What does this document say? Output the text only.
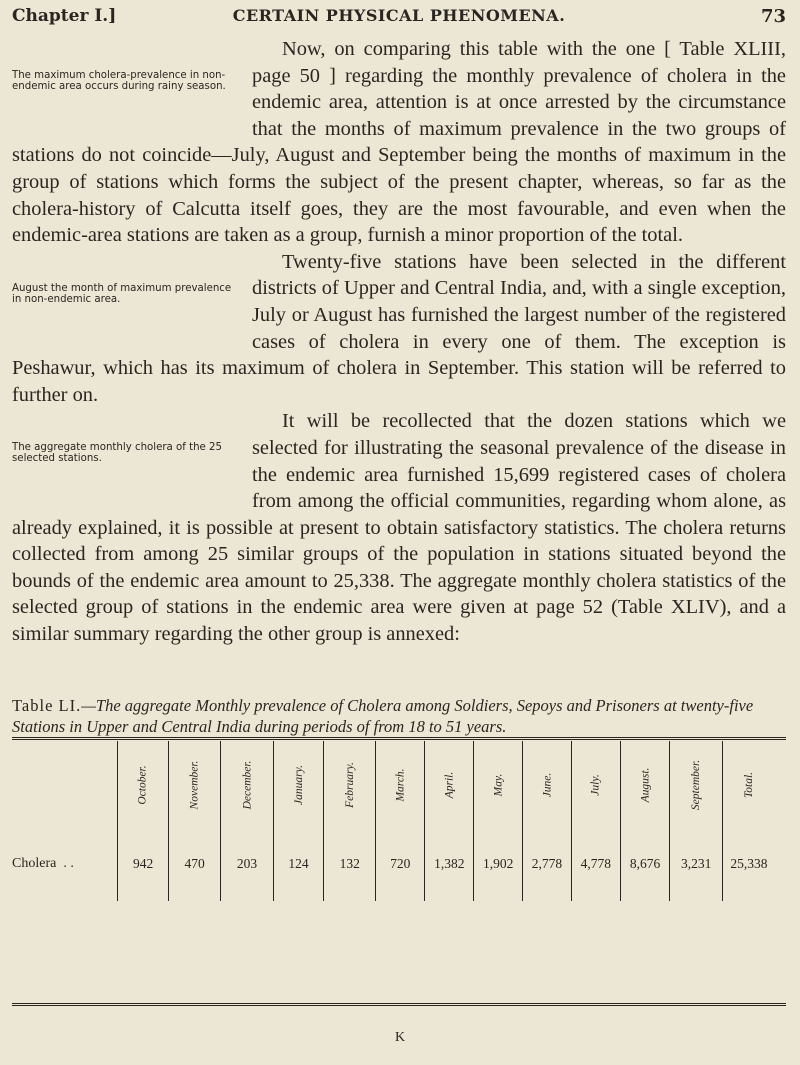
Chapter I.]	CERTAIN PHYSICAL PHENOMENA.	73

Now, on comparing this table with the one [ Table XLIII, page 50 ] regarding the monthly prevalence of cholera in the endemic area, attention is at once arrested by the circumstance that the months of maximum prevalence in the two groups of stations do not coincide—July, August and September being the months of maximum in the group of stations which forms the subject of the present chapter, whereas, so far as the cholera-history of Calcutta itself goes, they are the most favourable, and even when the endemic-area stations are taken as a group, furnish a minor proportion of the total.

Twenty-five stations have been selected in the different districts of Upper and Central India, and, with a single exception, July or August has furnished the largest number of the registered cases of cholera in every one of them. The exception is Peshawur, which has its maximum of cholera in September. This station will be referred to further on.

It will be recollected that the dozen stations which we selected for illustrating the seasonal prevalence of the disease in the endemic area furnished 15,699 registered cases of cholera from among the official communities, regarding whom alone, as already explained, it is possible at present to obtain satisfactory statistics. The cholera returns collected from among 25 similar groups of the population in stations situated beyond the bounds of the endemic area amount to 25,338. The aggregate monthly cholera statistics of the selected group of stations in the endemic area were given at page 52 (Table XLIV), and a similar summary regarding the other group is annexed:

The maximum cholera-prevalence in non-endemic area occurs during rainy season.
August the month of maximum prevalence in non-endemic area.
The aggregate monthly cholera of the 25 selected stations.
Table LI.—The aggregate Monthly prevalence of Cholera among Soldiers, Sepoys and Prisoners at twenty-five Stations in Upper and Central India during periods of from 18 to 51 years.
	October.	November.	December.	January.	February.	March.	April.	May.	June.	July.	August.	September.	Total.
Cholera . .	942	470	203	124	132	720	1,382	1,902	2,778	4,778	8,676	3,231	25,338
K
